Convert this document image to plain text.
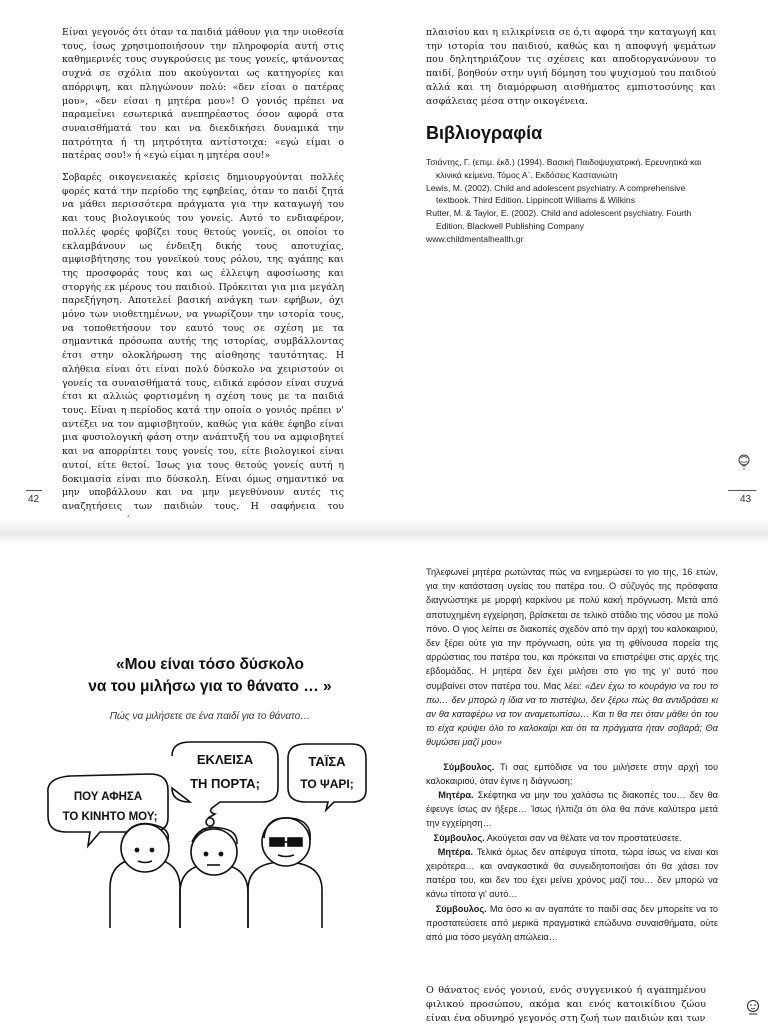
Είναι γεγονός ότι όταν τα παιδιά μάθουν για την υιοθεσία τους, ίσως χρησιμοποιήσουν την πληροφορία αυτή στις καθημερινές τους συγκρούσεις με τους γονείς, φτάνοντας συχνά σε σχόλια που ακούγονται ως κατηγορίες και απόρριψη, και πληγώνουν πολύ: «δεν είσαι ο πατέρας μου», «δεν είσαι η μητέρα μου»! Ο γονιός πρέπει να παραμείνει εσωτερικά ανεπηρέαστος όσον αφορά στα συναισθήματά του και να διεκδικήσει δυναμικά την πατρότητα ή τη μητρότητα αντίστοιχα: «εγώ είμαι ο πατέρας σου!» ή «εγώ είμαι η μητέρα σου!»

Σοβαρές οικογενειακές κρίσεις δημιουργούνται πολλές φορές κατά την περίοδο της εφηβείας, όταν το παιδί ζητά να μάθει περισσότερα πράγματα για την καταγωγή του και τους βιολογικούς του γονείς. Αυτό το ενδιαφέρον, πολλές φορές φοβίζει τους θετούς γονείς, οι οποίοι το εκλαμβάνουν ως ένδειξη δικής τους αποτυχίας, αμφισβήτησης του γονεϊκού τους ρόλου, της αγάπης και της προσφοράς τους και ως έλλειψη αφοσίωσης και στοργής εκ μέρους του παιδιού. Πρόκειται για μια μεγάλη παρεξήγηση. Αποτελεί βασική ανάγκη των εφήβων, όχι μόνο των υιοθετημένων, να γνωρίζουν την ιστορία τους, να τοποθετήσουν τον εαυτό τους σε σχέση με τα σημαντικά πρόσωπα αυτής της ιστορίας, συμβάλλοντας έτσι στην ολοκλήρωση της αίσθησης ταυτότητας. Η αλήθεια είναι ότι είναι πολύ δύσκολο να χειριστούν οι γονείς τα συναισθήματά τους, ειδικά εφόσον είναι συχνά έτσι κι αλλιώς φορτισμένη η σχέση τους με τα παιδιά τους. Είναι η περίοδος κατά την οποία ο γονιός πρέπει ν' αντέξει να τον αμφισβητούν, καθώς για κάθε έφηβο είναι μια φυσιολογική φάση στην ανάπτυξή του να αμφισβητεί και να απορρίπτει τους γονείς του, είτε βιολογικοί είναι αυτοί, είτε θετοί. Ίσως για τους θετούς γονείς αυτή η δοκιμασία είναι πιο δύσκολη. Είναι όμως σημαντικό να μην υποβάλλουν και να μην μεγεθύνουν αυτές τις αναζητήσεις των παιδιών τους. Η σαφήνεια του

42

πλαισίου και η ειλικρίνεια σε ό,τι αφορά την καταγωγή και την ιστορία του παιδιού, καθώς και η αποφυγή ψεμάτων που δηλητηριάζουν τις σχέσεις και αποδιοργανώνουν το παιδί, βοηθούν στην υγιή δόμηση του ψυχισμού του παιδιού αλλά και τη διαμόρφωση αισθήματος εμπιστοσύνης και ασφάλειας μέσα στην οικογένεια.

Βιβλιογραφία
Τσιάντης, Γ. (επιμ. έκδ.) (1994). Βασική Παιδοψυχιατρική. Ερευνητικά και κλινικά κείμενα. Τόμος Α΄. Εκδόσεις Καστανιώτη
Lewis, M. (2002). Child and adolescent psychiatry. A comprehensive textbook. Third Edition. Lippincott Williams & Wilkins
Rutter, M. & Taylor, E. (2002). Child and adolescent psychiatry. Fourth Edition. Blackwell Publishing Company
www.childmentalhealth.gr
43
«Μου είναι τόσο δύσκολο
να του μιλήσω για το θάνατο … »

Πώς να μιλήσετε σε ένα παιδί για το θάνατο…

ΠΟΥ ΑΦΗΣΑ
ΤΟ ΚΙΝΗΤΟ ΜΟΥ;
ΕΚΛΕΙΣΑ
ΤΗ ΠΟΡΤΑ;
ΤΑΪΣΑ
ΤΟ ΨΑΡΙ;

Τηλεφωνεί μητέρα ρωτώντας πώς να ενημερώσει το γιο της, 16 ετών, για την κατάσταση υγείας του πατέρα του. Ο σύζυγός της πρόσφατα διαγνώστηκε με μορφή καρκίνου με πολύ κακή πρόγνωση. Μετά από αποτυχημένη εγχείρηση, βρίσκεται σε τελικό στάδιο της νόσου με πολύ πόνο. Ο γιος λείπει σε διακοπές σχεδόν από την αρχή του καλοκαιριού, δεν ξέρει ούτε για την πρόγνωση, ούτε για τη φθίνουσα πορεία της αρρώστιας του πατέρα του, και πρόκειται να επιστρέψει στις αρχές της εβδομάδας. Η μητέρα δεν έχει μιλήσει στο γιο της γι' αυτό που συμβαίνει στον πατέρα του. Μας λέει: «Δεν έχω το κουράγιο να του το πω… δεν μπορώ η ίδια να το πιστέψω, δεν ξέρω πώς θα αντιδράσει κι αν θα καταφέρω να τον αναμετωπίσω… Και τι θα πει όταν μάθει ότι του το είχα κρύψει όλο το καλοκαίρι και ότι τα πράγματα ήταν σοβαρά; Θα θυμώσει μαζί μου»

Σύμβουλος. Τι σας εμπόδισε να του μιλήσετε στην αρχή του καλοκαιριού, όταν έγινε η διάγνωση;

Μητέρα. Σκέφτηκα να μην του χαλάσω τις διακοπές του… δεν θα έφευγε ίσως αν ήξερε… Ίσως ήλπιζα ότι όλα θα πάνε καλύτερα μετά την εγχείρηση…

Σύμβουλος. Ακούγεται σαν να θέλατε να τον προστατεύσετε.

Μητέρα. Τελικά όμως δεν απέφυγα τίποτα, τώρα ίσως να είναι και χειρότερα… και αναγκαστικά θα συνειδητοποιήσει ότι θα χάσει τον πατέρα του, και δεν του έχει μείνει χρόνος μαζί του… δεν μπορώ να κάνω τίποτα γι' αυτό…

Σύμβουλος. Μα όσο κι αν αγαπάτε το παιδί σας δεν μπορείτε να το προστατεύσετε από μερικά πραγματικά επώδυνα συναισθήματα, ούτε από μια τόσο μεγάλη απώλεια…

Ο θάνατος ενός γονιού, ενός συγγενικού ή αγαπημένου φιλικού προσώπου, ακόμα και ενός κατοικίδιου ζώου είναι ένα οδυνηρό γεγονός στη ζωή των παιδιών και των
